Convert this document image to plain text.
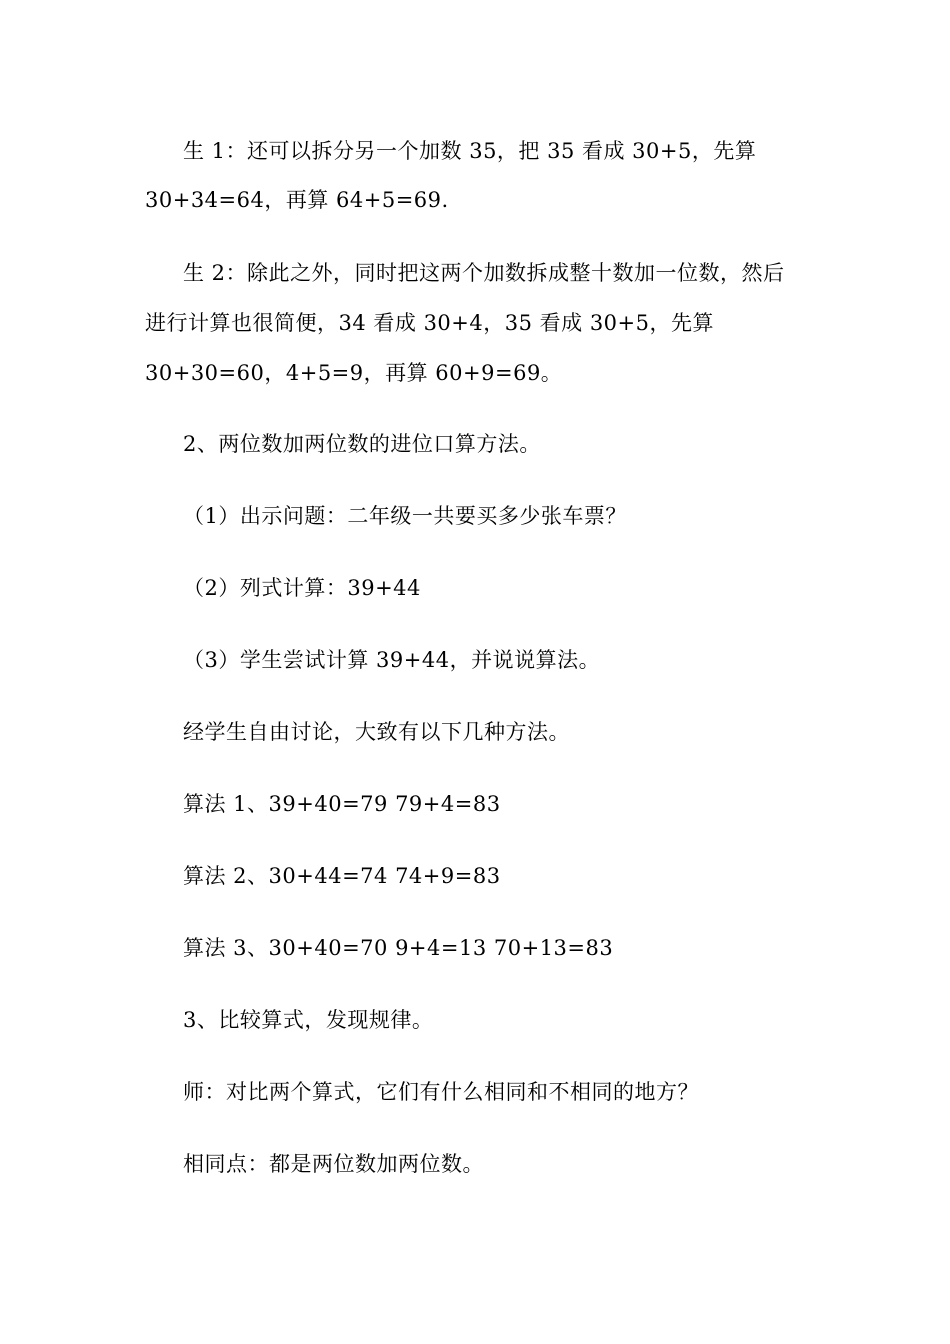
生 1：还可以拆分另一个加数 35，把 35 看成 30+5，先算
30+34=64，再算 64+5=69.
生 2：除此之外，同时把这两个加数拆成整十数加一位数，然后
进行计算也很简便，34 看成 30+4，35 看成 30+5，先算
30+30=60，4+5=9，再算 60+9=69。
2、两位数加两位数的进位口算方法。
（1）出示问题：二年级一共要买多少张车票？
（2）列式计算：39+44
（3）学生尝试计算 39+44，并说说算法。
经学生自由讨论，大致有以下几种方法。
算法 1、39+40=79 79+4=83
算法 2、30+44=74 74+9=83
算法 3、30+40=70 9+4=13 70+13=83
3、比较算式，发现规律。
师：对比两个算式，它们有什么相同和不相同的地方？
相同点：都是两位数加两位数。
